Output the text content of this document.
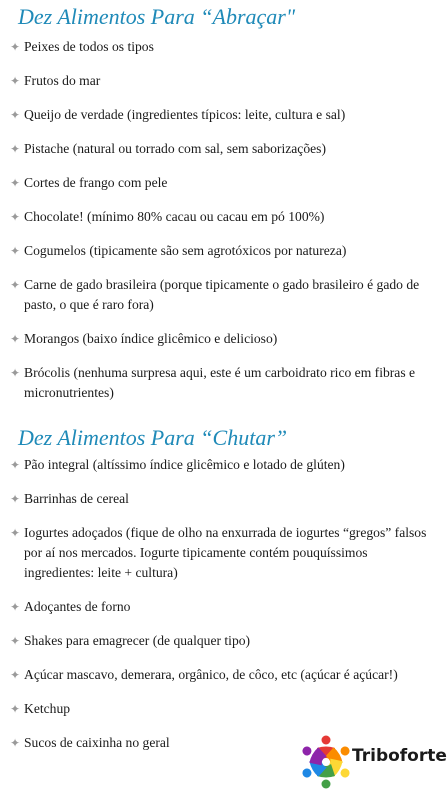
Dez Alimentos Para “Abraçar"
✦ Peixes de todos os tipos
✦ Frutos do mar
✦ Queijo de verdade (ingredientes típicos: leite, cultura e sal)
✦ Pistache (natural ou torrado com sal, sem saborizações)
✦ Cortes de frango com pele
✦ Chocolate! (mínimo 80% cacau ou cacau em pó 100%)
✦ Cogumelos (tipicamente são sem agrotóxicos por natureza)
✦ Carne de gado brasileira (porque tipicamente o gado brasileiro é gado de pasto, o que é raro fora)
✦ Morangos (baixo índice glicêmico e delicioso)
✦ Brócolis (nenhuma surpresa aqui, este é um carboidrato rico em fibras e micronutrientes)
Dez Alimentos Para “Chutar”
✦ Pão integral (altíssimo índice glicêmico e lotado de glúten)
✦ Barrinhas de cereal
✦ Iogurtes adoçados (fique de olho na enxurrada de iogurtes “gregos” falsos por aí nos mercados. Iogurte tipicamente contém pouquíssimos ingredientes: leite + cultura)
✦ Adoçantes de forno
✦ Shakes para emagrecer (de qualquer tipo)
✦ Açúcar mascavo, demerara, orgânico, de côco, etc (açúcar é açúcar!)
✦ Ketchup
✦ Sucos de caixinha no geral
Triboforte
